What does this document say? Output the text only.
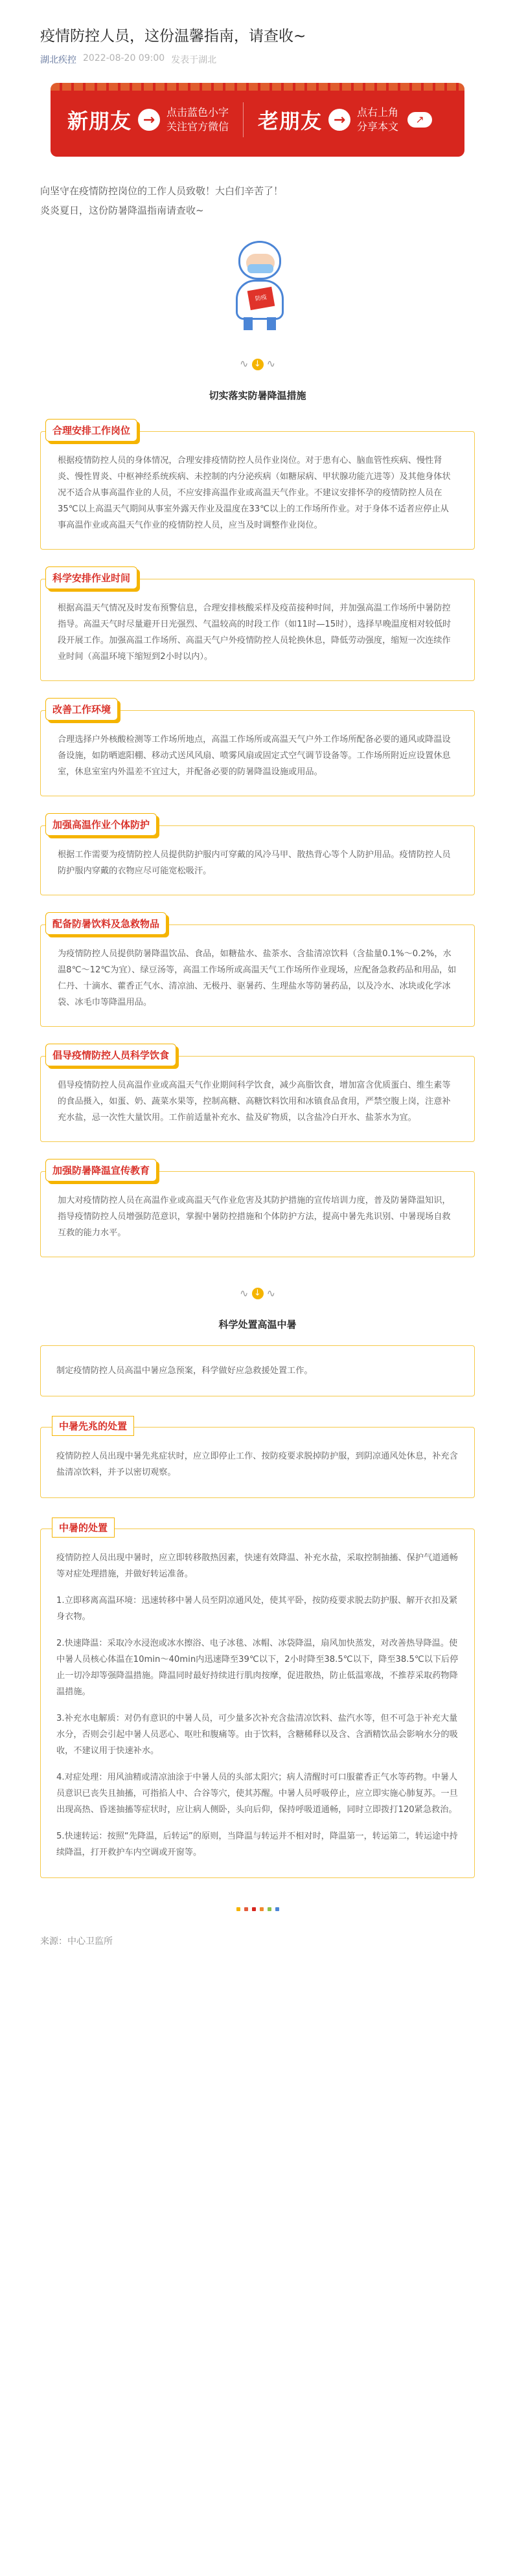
疫情防控人员，这份温馨指南，请查收~
湖北疾控 2022-08-20 09:00 发表于湖北
新朋友 →	点击蓝色小字
关注官方微信 老朋友 →	点右上角
分享本文
↗

向坚守在疫情防控岗位的工作人员致敬！大白们辛苦了！

炎炎夏日，这份防暑降温指南请查收~

防疫
∿ ↓ ∿
切实落实防暑降温措施
合理安排工作岗位
根据疫情防控人员的身体情况，合理安排疫情防控人员作业岗位。对于患有心、脑血管性疾病、慢性肾炎、慢性胃炎、中枢神经系统疾病、未控制的内分泌疾病（如糖尿病、甲状腺功能亢进等）及其他身体状况不适合从事高温作业的人员，不应安排高温作业或高温天气作业。不建议安排怀孕的疫情防控人员在35℃以上高温天气期间从事室外露天作业及温度在33℃以上的工作场所作业。对于身体不适者应停止从事高温作业或高温天气作业的疫情防控人员，应当及时调整作业岗位。
科学安排作业时间
根据高温天气情况及时发布预警信息，合理安排核酸采样及疫苗接种时间，并加强高温工作场所中暑防控指导。高温天气时尽量避开日光强烈、气温较高的时段工作（如11时—15时），选择早晚温度相对较低时段开展工作。加强高温工作场所、高温天气户外疫情防控人员轮换休息，降低劳动强度，缩短一次连续作业时间（高温环境下缩短到2小时以内）。
改善工作环境
合理选择户外核酸检测等工作场所地点，高温工作场所或高温天气户外工作场所配备必要的通风或降温设备设施，如防晒遮阳棚、移动式送风风扇、喷雾风扇或固定式空气调节设备等。工作场所附近应设置休息室，休息室室内外温差不宜过大，并配备必要的防暑降温设施或用品。
加强高温作业个体防护
根据工作需要为疫情防控人员提供防护服内可穿戴的风冷马甲、散热背心等个人防护用品。疫情防控人员防护服内穿戴的衣物应尽可能宽松吸汗。
配备防暑饮料及急救物品
为疫情防控人员提供防暑降温饮品、食品，如糖盐水、盐茶水、含盐清凉饮料（含盐量0.1%～0.2%，水温8℃～12℃为宜）、绿豆汤等，高温工作场所或高温天气工作场所作业现场，应配备急救药品和用品，如仁丹、十滴水、藿香正气水、清凉油、无极丹、驱暑药、生理盐水等防暑药品，以及冷水、冰块或化学冰袋、冰毛巾等降温用品。
倡导疫情防控人员科学饮食
倡导疫情防控人员高温作业或高温天气作业期间科学饮食，减少高脂饮食，增加富含优质蛋白、维生素等的食品摄入，如蛋、奶、蔬菜水果等，控制高糖、高糖饮料饮用和冰镇食品食用，严禁空腹上岗，注意补充水盐，忌一次性大量饮用。工作前适量补充水、盐及矿物质，以含盐冷白开水、盐茶水为宜。
加强防暑降温宣传教育
加大对疫情防控人员在高温作业或高温天气作业危害及其防护措施的宣传培训力度，普及防暑降温知识，指导疫情防控人员增强防范意识，掌握中暑防控措施和个体防护方法，提高中暑先兆识别、中暑现场自救互救的能力水平。
∿ ↓ ∿
科学处置高温中暑
制定疫情防控人员高温中暑应急预案，科学做好应急救援处置工作。
中暑先兆的处置

疫情防控人员出现中暑先兆症状时，应立即停止工作、按防疫要求脱掉防护服，到阴凉通风处休息，补充含盐清凉饮料，并予以密切观察。

中暑的处置

疫情防控人员出现中暑时，应立即转移散热因素，快速有效降温、补充水盐，采取控制抽搐、保护气道通畅等对症处理措施，并做好转运准备。

1.立即移离高温环境：迅速转移中暑人员至阴凉通风处，使其平卧，按防疫要求脱去防护服、解开衣扣及紧身衣物。

2.快速降温：采取冷水浸泡或冰水擦浴、电子冰毯、冰帽、冰袋降温，扇风加快蒸发，对改善热导降温。使中暑人员核心体温在10min～40min内迅速降至39℃以下，2小时降至38.5℃以下，降至38.5℃以下后停止一切冷却等强降温措施。降温同时最好持续进行肌肉按摩，促进散热，防止低温寒战，不推荐采取药物降温措施。

3.补充水电解质：对仍有意识的中暑人员，可少量多次补充含盐清凉饮料、盐汽水等，但不可急于补充大量水分，否则会引起中暑人员恶心、呕吐和腹痛等。由于饮料，含糖稀释以及含、含酒精饮品会影响水分的吸收，不建议用于快速补水。

4.对症处理：用风油精或清凉油涂于中暑人员的头部太阳穴；病人清醒时可口服藿香正气水等药物。中暑人员意识已丧失且抽搐，可指掐人中、合谷等穴，使其苏醒。中暑人员呼吸停止，应立即实施心肺复苏。一旦出现高热、昏迷抽搐等症状时，应让病人侧卧，头向后仰，保持呼吸道通畅，同时立即拨打120紧急救治。

5.快速转运：按照“先降温，后转运”的原则，当降温与转运并不相对时，降温第一，转运第二，转运途中持续降温，打开救护车内空调或开窗等。

来源：中心卫监所
